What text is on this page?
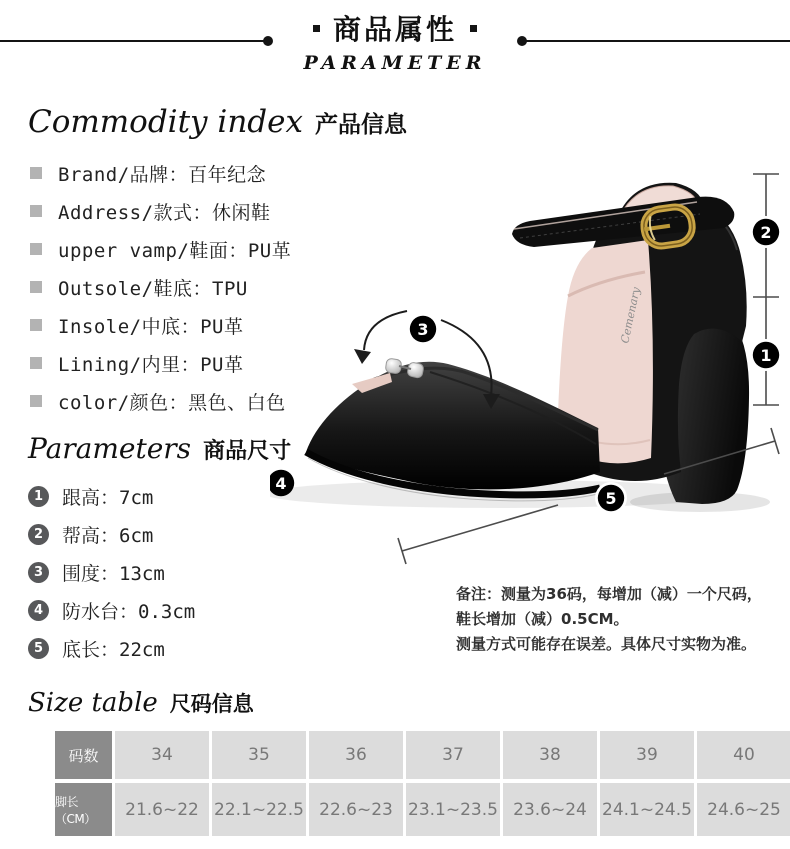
商品属性
PARAMETER
Commodity index 产品信息
Brand/品牌：百年纪念
Address/款式：休闲鞋
upper vamp/鞋面：PU革
Outsole/鞋底：TPU
Insole/中底：PU革
Lining/内里：PU革
color/颜色：黑色、白色
Parameters 商品尺寸
1 跟高：7cm
2 帮高：6cm
3 围度：13cm
4 防水台：0.3cm
5 底长：22cm
备注：测量为36码，每增加（减）一个尺码，
鞋长增加（减）0.5CM。
测量方式可能存在误差。具体尺寸实物为准。
Size table 尺码信息
码数	34	35	36	37	38	39	40
脚长（CM）	21.6~22 22.1~22.5 22.6~23 23.1~23.5 23.6~24 24.1~24.5 24.6~25
Cemenary
2
1
3
4
5
